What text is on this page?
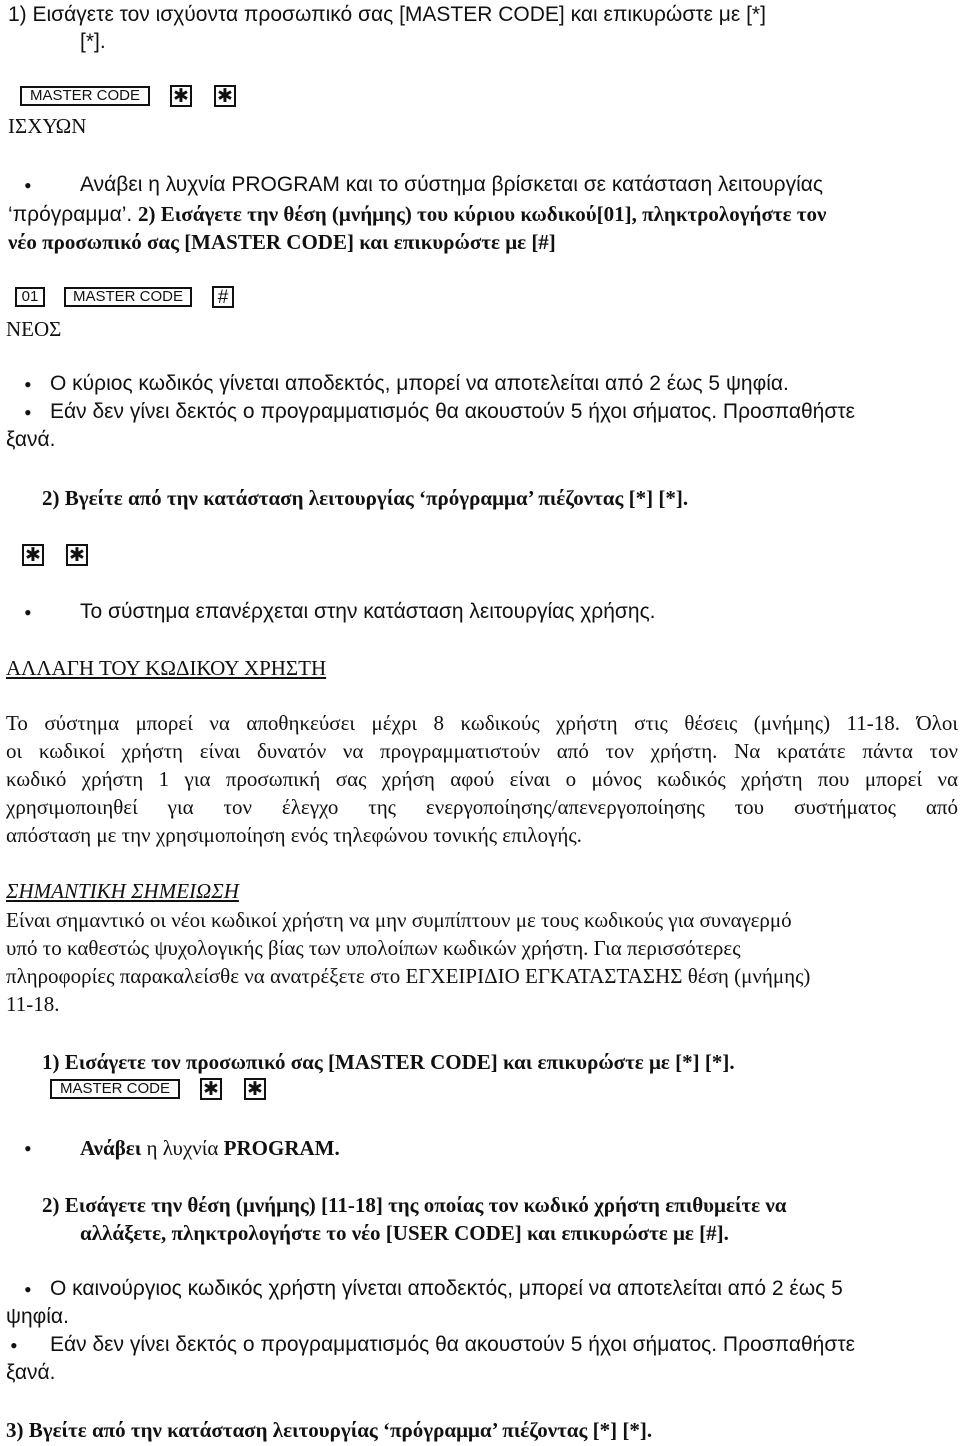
1) Εισάγετε τον ισχύοντα προσωπικό σας [MASTER CODE] και επικυρώστε με [*]
[*].
MASTER CODE	✱ ✱
ΙΣΧΥΩΝ
• Ανάβει η λυχνία PROGRAM και το σύστημα βρίσκεται σε κατάσταση λειτουργίας
‘πρόγραμμα’. 2) Εισάγετε την θέση (μνήμης) του κύριου κωδικού[01], πληκτρολογήστε τον
νέο προσωπικό σας [MASTER CODE] και επικυρώστε με [#]
01	MASTER CODE	#
ΝΕΟΣ
• Ο κύριος κωδικός γίνεται αποδεκτός, μπορεί να αποτελείται από 2 έως 5 ψηφία.
• Εάν δεν γίνει δεκτός ο προγραμματισμός θα ακουστούν 5 ήχοι σήματος. Προσπαθήστε
ξανά.
2) Βγείτε από την κατάσταση λειτουργίας ‘πρόγραμμα’ πιέζοντας [*] [*].
✱ ✱
• Το σύστημα επανέρχεται στην κατάσταση λειτουργίας χρήσης.
ΑΛΛΑΓΗ ΤΟΥ ΚΩΔΙΚΟΥ ΧΡΗΣΤΗ
Το σύστημα μπορεί να αποθηκεύσει μέχρι 8 κωδικούς χρήστη στις θέσεις (μνήμης) 11-18. Όλοι
οι κωδικοί χρήστη είναι δυνατόν να προγραμματιστούν από τον χρήστη. Να κρατάτε πάντα τον
κωδικό χρήστη 1 για προσωπική σας χρήση αφού είναι ο μόνος κωδικός χρήστη που μπορεί να
χρησιμοποιηθεί για τον έλεγχο της ενεργοποίησης/απενεργοποίησης του συστήματος από
απόσταση με την χρησιμοποίηση ενός τηλεφώνου τονικής επιλογής.
ΣΗΜΑΝΤΙΚΗ ΣΗΜΕΙΩΣΗ
Είναι σημαντικό οι νέοι κωδικοί χρήστη να μην συμπίπτουν με τους κωδικούς για συναγερμό
υπό το καθεστώς ψυχολογικής βίας των υπολοίπων κωδικών χρήστη. Για περισσότερες
πληροφορίες παρακαλείσθε να ανατρέξετε στο ΕΓΧΕΙΡΙΔΙΟ ΕΓΚΑΤΑΣΤΑΣΗΣ θέση (μνήμης)
11-18.
1) Εισάγετε τον προσωπικό σας [MASTER CODE] και επικυρώστε με [*] [*].
MASTER CODE	✱ ✱
• Ανάβει η λυχνία PROGRAM.
2) Εισάγετε την θέση (μνήμης) [11-18] της οποίας τον κωδικό χρήστη επιθυμείτε να
αλλάξετε, πληκτρολογήστε το νέο [USER CODE] και επικυρώστε με [#].
• Ο καινούργιος κωδικός χρήστη γίνεται αποδεκτός, μπορεί να αποτελείται από 2 έως 5
ψηφία.
• Εάν δεν γίνει δεκτός ο προγραμματισμός θα ακουστούν 5 ήχοι σήματος. Προσπαθήστε
ξανά.
3) Βγείτε από την κατάσταση λειτουργίας ‘πρόγραμμα’ πιέζοντας [*] [*].
